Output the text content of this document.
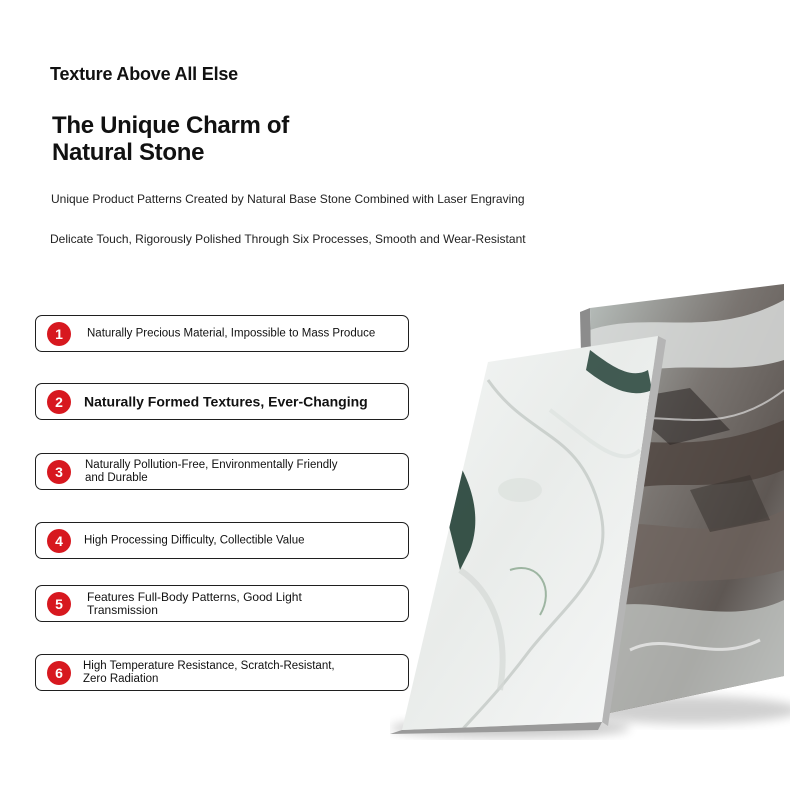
Texture Above All Else
The Unique Charm of
Natural Stone
Unique Product Patterns Created by Natural Base Stone Combined with Laser Engraving
Delicate Touch, Rigorously Polished Through Six Processes, Smooth and Wear-Resistant
1	Naturally Precious Material, Impossible to Mass Produce
2	Naturally Formed Textures, Ever-Changing
3	Naturally Pollution-Free, Environmentally Friendly
and Durable
4	High Processing Difficulty, Collectible Value
5	Features Full-Body Patterns, Good Light
Transmission
6	High Temperature Resistance, Scratch-Resistant,
Zero Radiation
